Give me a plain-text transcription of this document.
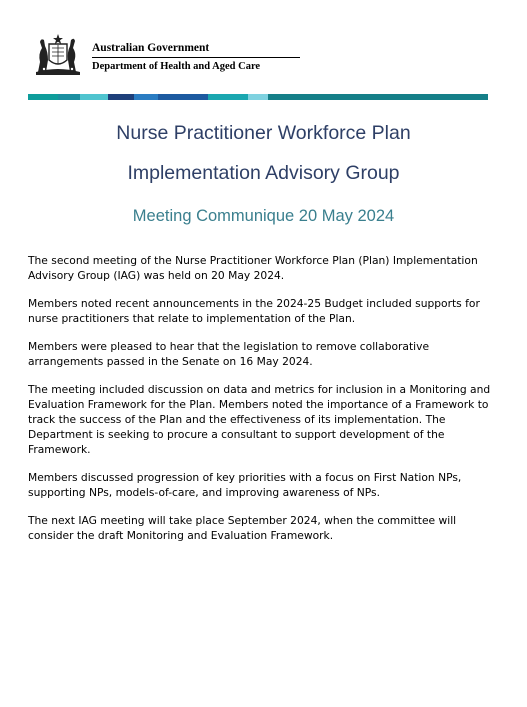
Australian Government
Department of Health and Aged Care
Nurse Practitioner Workforce Plan
Implementation Advisory Group
Meeting Communique 20 May 2024

The second meeting of the Nurse Practitioner Workforce Plan (Plan) Implementation Advisory Group (IAG) was held on 20 May 2024.

Members noted recent announcements in the 2024-25 Budget included supports for nurse practitioners that relate to implementation of the Plan.

Members were pleased to hear that the legislation to remove collaborative arrangements passed in the Senate on 16 May 2024.

The meeting included discussion on data and metrics for inclusion in a Monitoring and Evaluation Framework for the Plan. Members noted the importance of a Framework to track the success of the Plan and the effectiveness of its implementation. The Department is seeking to procure a consultant to support development of the Framework.

Members discussed progression of key priorities with a focus on First Nation NPs, supporting NPs, models-of-care, and improving awareness of NPs.

The next IAG meeting will take place September 2024, when the committee will consider the draft Monitoring and Evaluation Framework.
